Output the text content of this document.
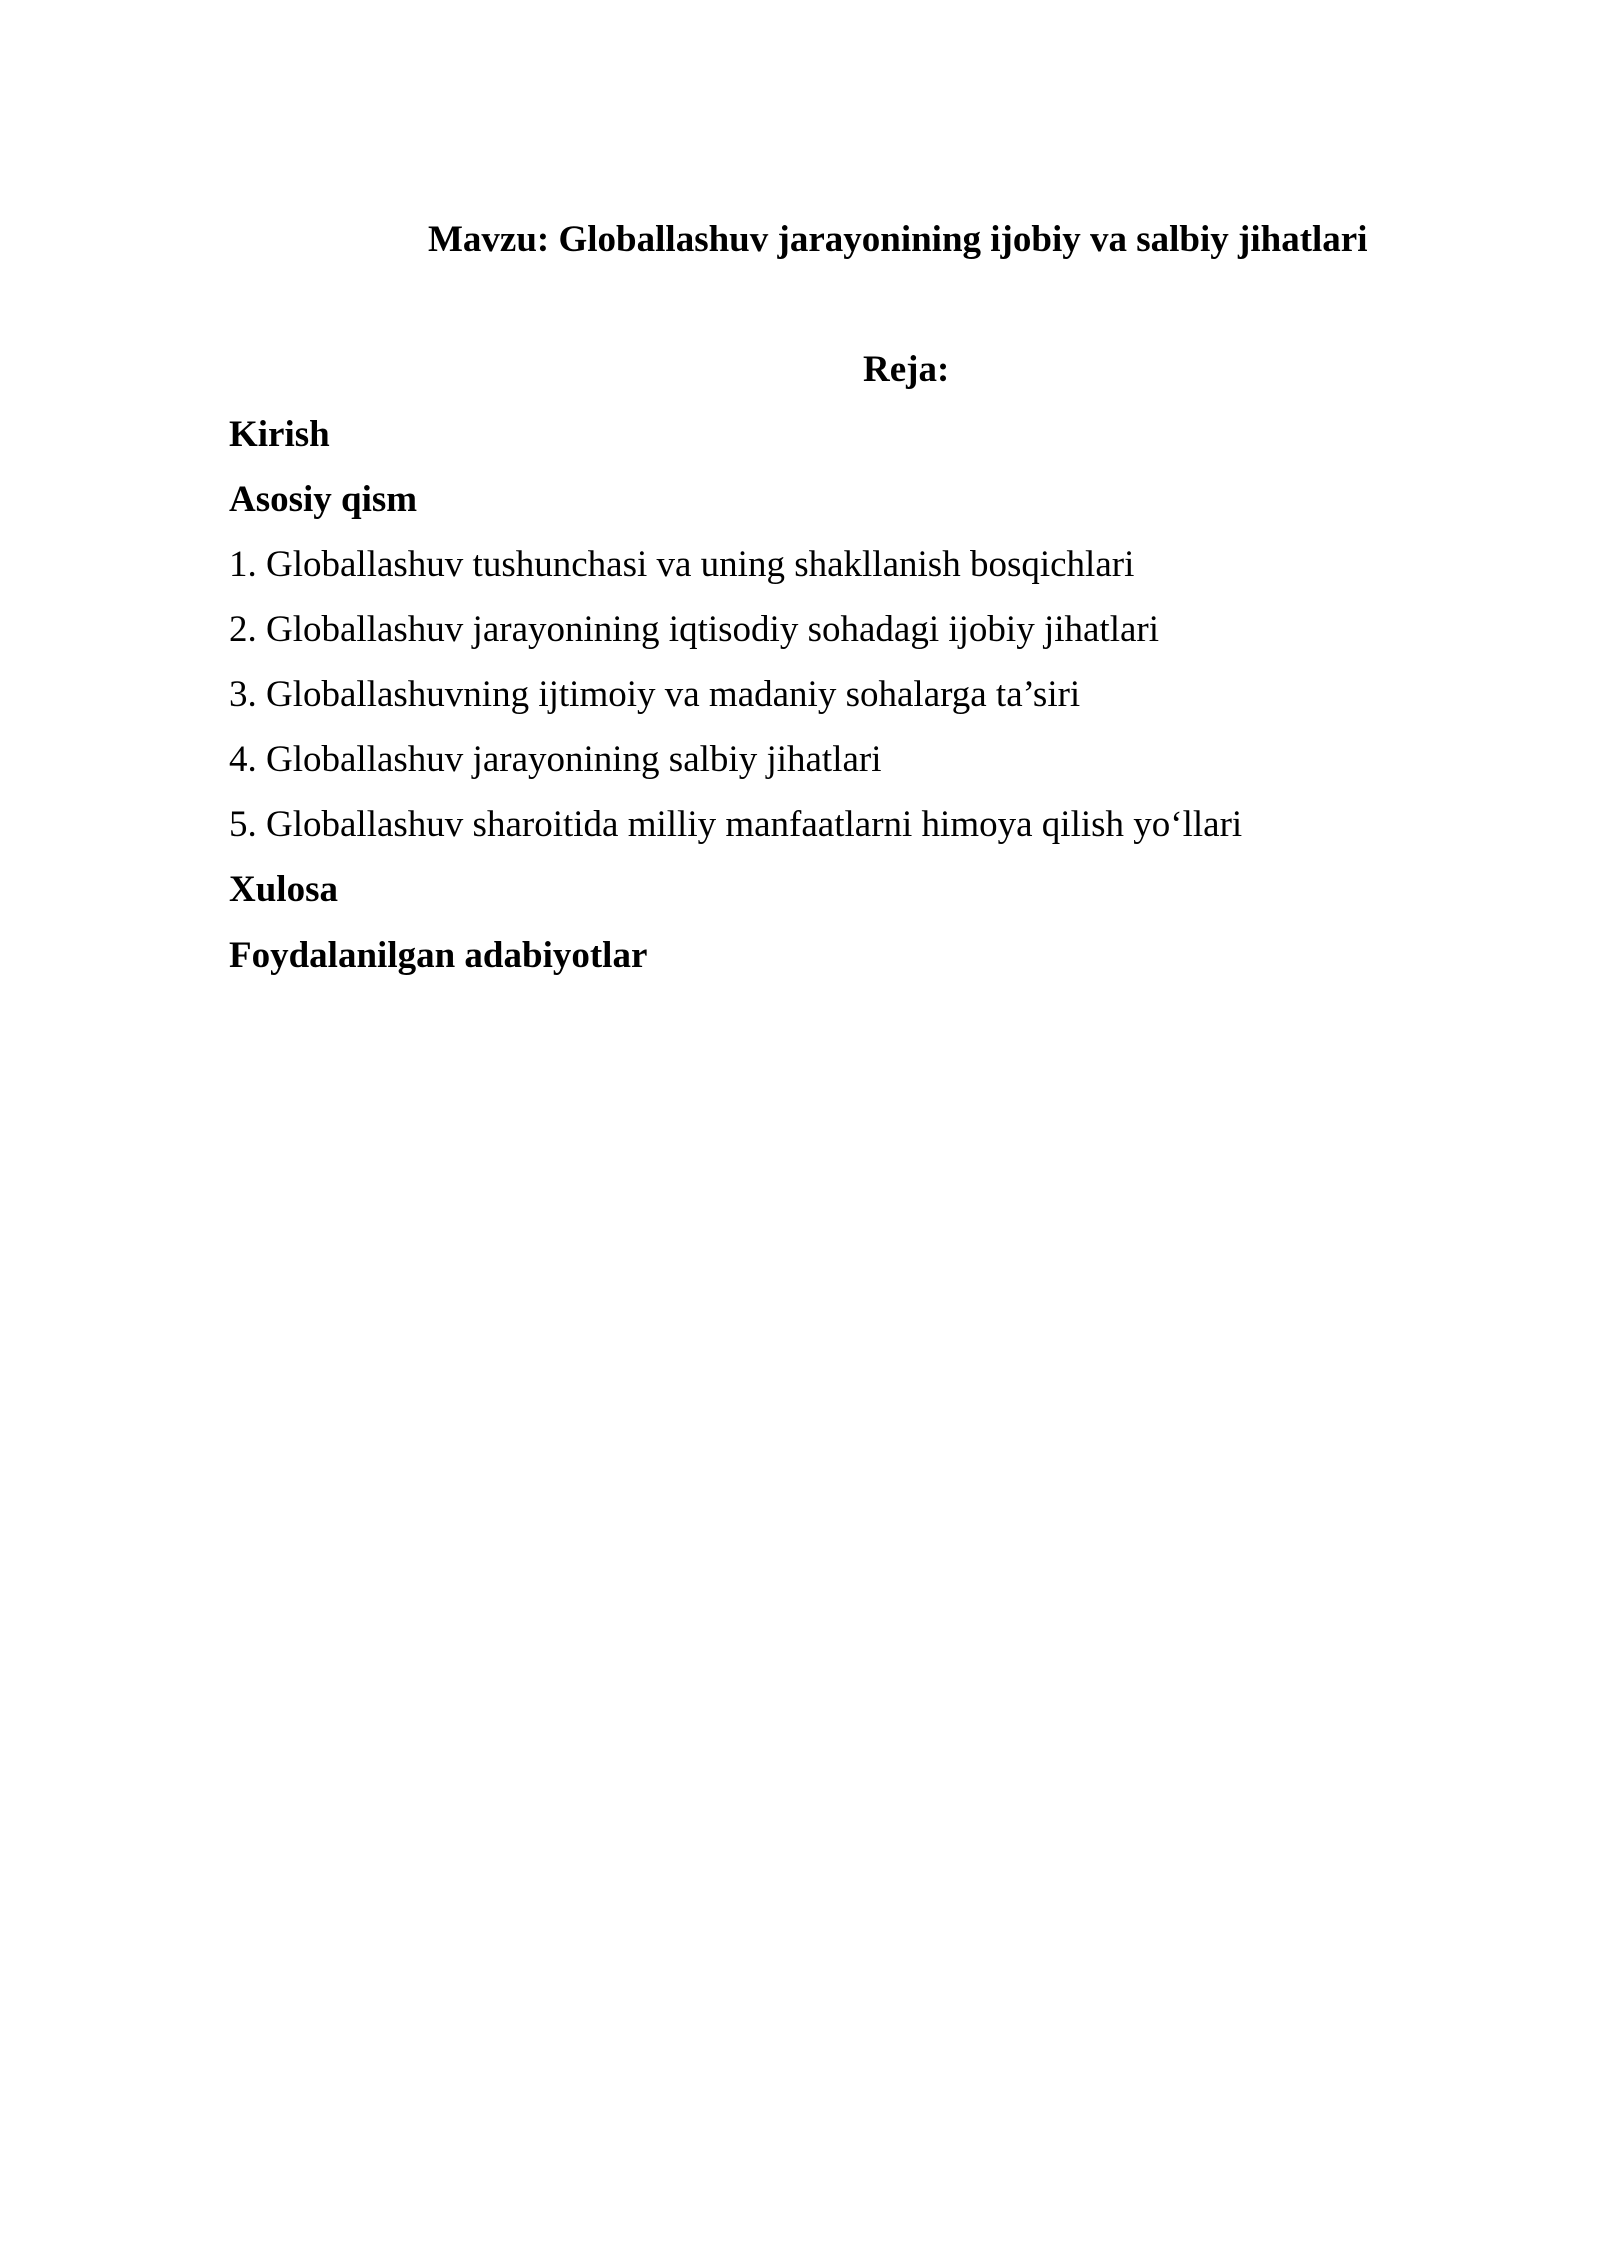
Mavzu: Globallashuv jarayonining ijobiy va salbiy jihatlari
Reja:
Kirish
Asosiy qism
1. Globallashuv tushunchasi va uning shakllanish bosqichlari
2. Globallashuv jarayonining iqtisodiy sohadagi ijobiy jihatlari
3. Globallashuvning ijtimoiy va madaniy sohalarga ta’siri
4. Globallashuv jarayonining salbiy jihatlari
5. Globallashuv sharoitida milliy manfaatlarni himoya qilish yo‘llari
Xulosa
Foydalanilgan adabiyotlar
